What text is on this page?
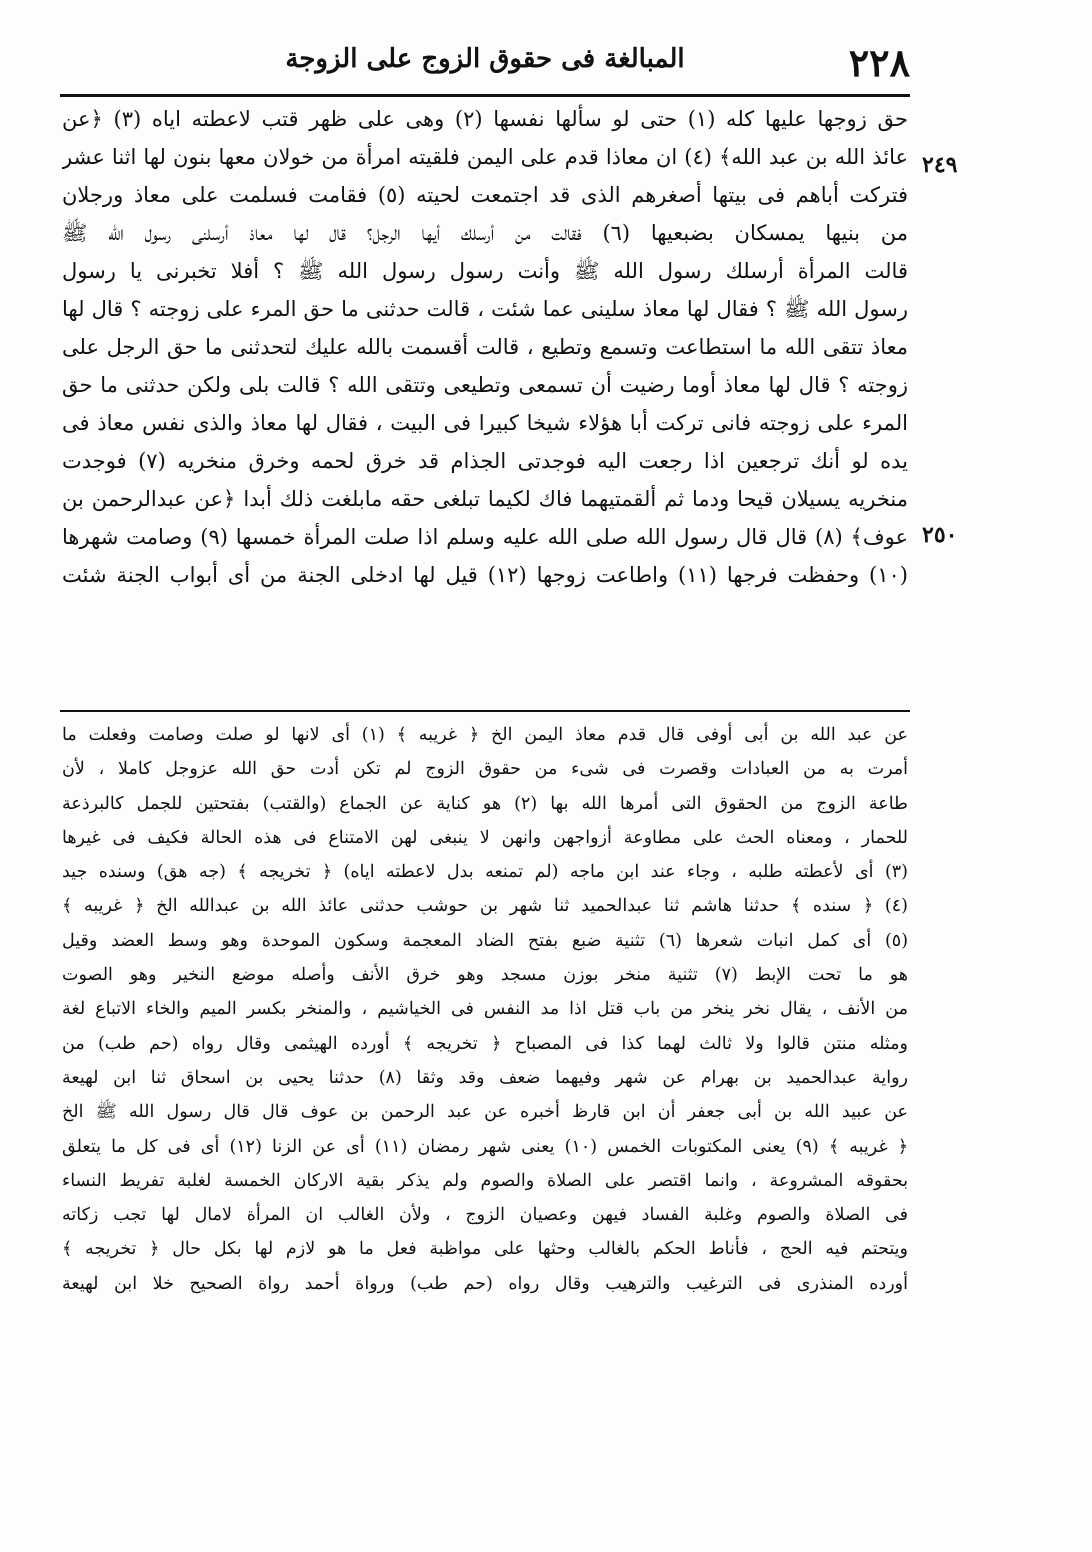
٢٢٨
المبالغة فى حقوق الزوج على الزوجة
٢٤٩
٢٥٠
حق زوجها عليها كله (١) حتى لو سألها نفسها (٢) وهى على ظهر قتب لاعطته اياه (٣) ﴿عن
عائذ الله بن عبد الله﴾ (٤) ان معاذا قدم على اليمن فلقيته امرأة من خولان معها بنون لها اثنا عشر
فتركت أباهم فى بيتها أصغرهم الذى قد اجتمعت لحيته (٥) فقامت فسلمت على معاذ ورجلان
من بنيها يمسكان بضبعيها (٦) فقالت من أرسلك أيها الرجل؟ قال لها معاذ أرسلنى رسول الله ﷺ
قالت المرأة أرسلك رسول الله ﷺ وأنت رسول رسول الله ﷺ ؟ أفلا تخبرنى يا رسول
رسول الله ﷺ ؟ فقال لها معاذ سلينى عما شئت ، قالت حدثنى ما حق المرء على زوجته ؟ قال لها
معاذ تتقى الله ما استطاعت وتسمع وتطيع ، قالت أقسمت بالله عليك لتحدثنى ما حق الرجل على
زوجته ؟ قال لها معاذ أوما رضيت أن تسمعى وتطيعى وتتقى الله ؟ قالت بلى ولكن حدثنى ما حق
المرء على زوجته فانى تركت أبا هؤلاء شيخا كبيرا فى البيت ، فقال لها معاذ والذى نفس معاذ فى
يده لو أنك ترجعين اذا رجعت اليه فوجدتى الجذام قد خرق لحمه وخرق منخريه (٧) فوجدت
منخريه يسيلان قيحا ودما ثم ألقمتيهما فاك لكيما تبلغى حقه مابلغت ذلك أبدا ﴿عن عبدالرحمن بن
عوف﴾ (٨) قال قال رسول الله صلى الله عليه وسلم اذا صلت المرأة خمسها (٩) وصامت شهرها
(١٠) وحفظت فرجها (١١) واطاعت زوجها (١٢) قيل لها ادخلى الجنة من أى أبواب الجنة شئت
عن عبد الله بن أبى أوفى قال قدم معاذ اليمن الخ ﴿ غريبه ﴾ (١) أى لانها لو صلت وصامت وفعلت ما
أمرت به من العبادات وقصرت فى شىء من حقوق الزوج لم تكن أدت حق الله عزوجل كاملا ، لأن
طاعة الزوج من الحقوق التى أمرها الله بها (٢) هو كناية عن الجماع (والقتب) بفتحتين للجمل كالبرذعة
للحمار ، ومعناه الحث على مطاوعة أزواجهن وانهن لا ينبغى لهن الامتناع فى هذه الحالة فكيف فى غيرها
(٣) أى لأعطته طلبه ، وجاء عند ابن ماجه (لم تمنعه بدل لاعطته اياه) ﴿ تخريجه ﴾ (جه هق) وسنده جيد
(٤) ﴿ سنده ﴾ حدثنا هاشم ثنا عبدالحميد ثنا شهر بن حوشب حدثنى عائذ الله بن عبدالله الخ ﴿ غريبه ﴾
(٥) أى كمل انبات شعرها (٦) تثنية ضبع بفتح الضاد المعجمة وسكون الموحدة وهو وسط العضد وقيل
هو ما تحت الإبط (٧) تثنية منخر بوزن مسجد وهو خرق الأنف وأصله موضع النخير وهو الصوت
من الأنف ، يقال نخر ينخر من باب قتل اذا مد النفس فى الخياشيم ، والمنخر بكسر الميم والخاء الاتباع لغة
ومثله منتن قالوا ولا ثالث لهما كذا فى المصباح ﴿ تخريجه ﴾ أورده الهيثمى وقال رواه (حم طب) من
رواية عبدالحميد بن بهرام عن شهر وفيهما ضعف وقد وثقا (٨) حدثنا يحيى بن اسحاق ثنا ابن لهيعة
عن عبيد الله بن أبى جعفر أن ابن قارظ أخبره عن عبد الرحمن بن عوف قال قال رسول الله ﷺ الخ
﴿ غريبه ﴾ (٩) يعنى المكتوبات الخمس (١٠) يعنى شهر رمضان (١١) أى عن الزنا (١٢) أى فى كل ما يتعلق
بحقوقه المشروعة ، وانما اقتصر على الصلاة والصوم ولم يذكر بقية الاركان الخمسة لغلبة تفريط النساء
فى الصلاة والصوم وغلبة الفساد فيهن وعصيان الزوج ، ولأن الغالب ان المرأة لامال لها تجب زكاته
ويتحتم فيه الحج ، فأناط الحكم بالغالب وحثها على مواظبة فعل ما هو لازم لها بكل حال ﴿ تخريجه ﴾
أورده المنذرى فى الترغيب والترهيب وقال رواه (حم طب) ورواة أحمد رواة الصحيح خلا ابن لهيعة
